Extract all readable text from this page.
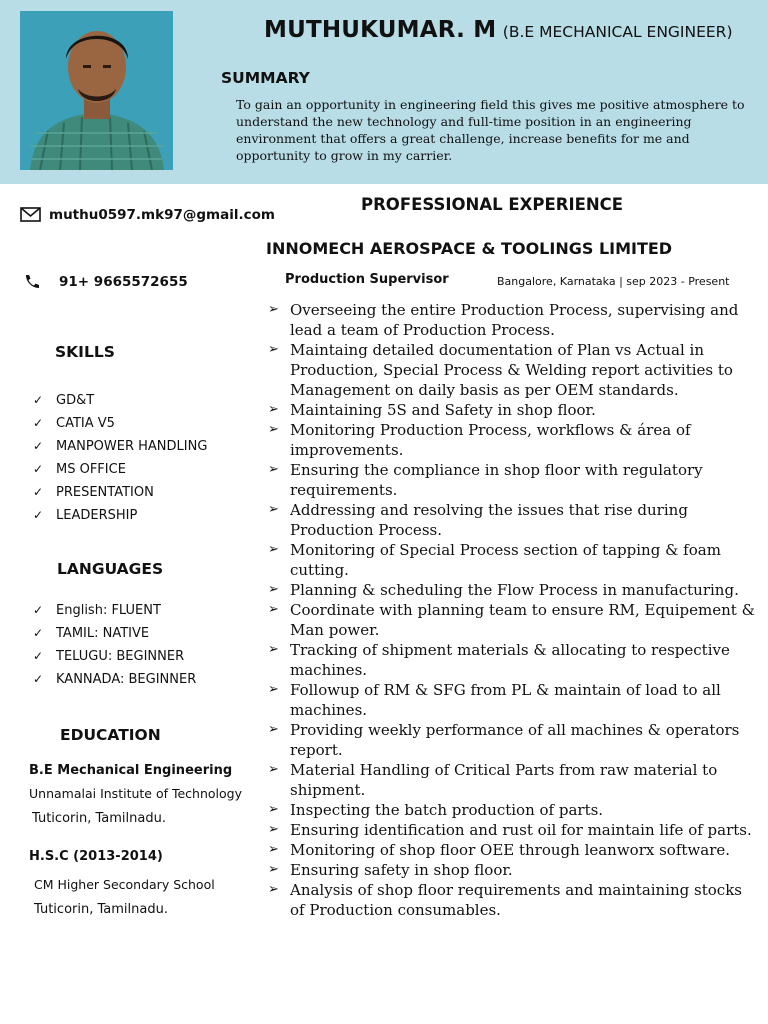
MUTHUKUMAR. M (B.E MECHANICAL ENGINEER)
SUMMARY
To gain an opportunity in engineering field this gives me positive atmosphere to understand the new technology and full-time position in an engineering environment that offers a great challenge, increase benefits for me and opportunity to grow in my carrier.
muthu0597.mk97@gmail.com
91+ 9665572655
SKILLS
✓ GD&T
✓ CATIA V5
✓ MANPOWER HANDLING
✓ MS OFFICE
✓ PRESENTATION
✓ LEADERSHIP
LANGUAGES
✓ English: FLUENT
✓ TAMIL: NATIVE
✓ TELUGU: BEGINNER
✓ KANNADA: BEGINNER
EDUCATION
B.E Mechanical Engineering
Unnamalai Institute of Technology
Tuticorin, Tamilnadu.
H.S.C (2013-2014)
CM Higher Secondary School
Tuticorin, Tamilnadu.
PROFESSIONAL EXPERIENCE
INNOMECH AEROSPACE & TOOLINGS LIMITED
Production Supervisor	Bangalore, Karnataka | sep 2023 - Present
➢ Overseeing the entire Production Process, supervising and lead a team of Production Process.
➢ Maintaing detailed documentation of Plan vs Actual in Production, Special Process & Welding report activities to Management on daily basis as per OEM standards.
➢ Maintaining 5S and Safety in shop floor.
➢ Monitoring Production Process, workflows & área of improvements.
➢ Ensuring the compliance in shop floor with regulatory requirements.
➢ Addressing and resolving the issues that rise during Production Process.
➢ Monitoring of Special Process section of tapping & foam cutting.
➢ Planning & scheduling the Flow Process in manufacturing.
➢ Coordinate with planning team to ensure RM, Equipement & Man power.
➢ Tracking of shipment materials & allocating to respective machines.
➢ Followup of RM & SFG from PL & maintain of load to all machines.
➢ Providing weekly performance of all machines & operators report.
➢ Material Handling of Critical Parts from raw material to shipment.
➢ Inspecting the batch production of parts.
➢ Ensuring identification and rust oil for maintain life of parts.
➢ Monitoring of shop floor OEE through leanworx software.
➢ Ensuring safety in shop floor.
➢ Analysis of shop floor requirements and maintaining stocks of Production consumables.
